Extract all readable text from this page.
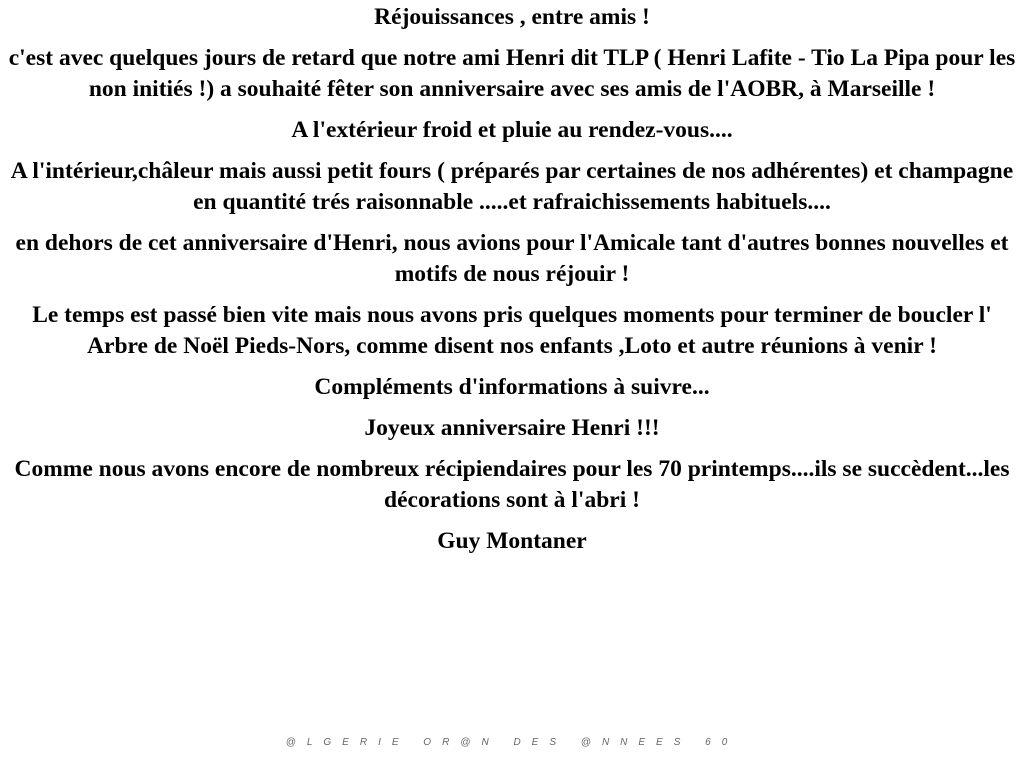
Réjouissances , entre amis !

c'est avec quelques jours de retard que notre ami Henri dit TLP ( Henri Lafite - Tio La Pipa pour les non initiés !) a souhaité fêter son anniversaire avec ses amis de l'AOBR, à Marseille !

A l'extérieur froid et pluie au rendez-vous....

A l'intérieur,châleur mais aussi petit fours ( préparés par certaines de nos adhérentes) et champagne en quantité trés raisonnable .....et rafraichissements habituels....

en dehors de cet anniversaire d'Henri, nous avions pour l'Amicale tant d'autres bonnes nouvelles et motifs de nous réjouir !

Le temps est passé bien vite mais nous avons pris quelques moments pour terminer de boucler l' Arbre de Noël Pieds-Nors, comme disent nos enfants ,Loto et autre réunions à venir !

Compléments d'informations à suivre...

Joyeux anniversaire Henri !!!

Comme nous avons encore de nombreux récipiendaires pour les 70 printemps....ils se succèdent...les décorations sont à l'abri !

Guy Montaner

@LGERIE OR@N DES @NNEES 60
